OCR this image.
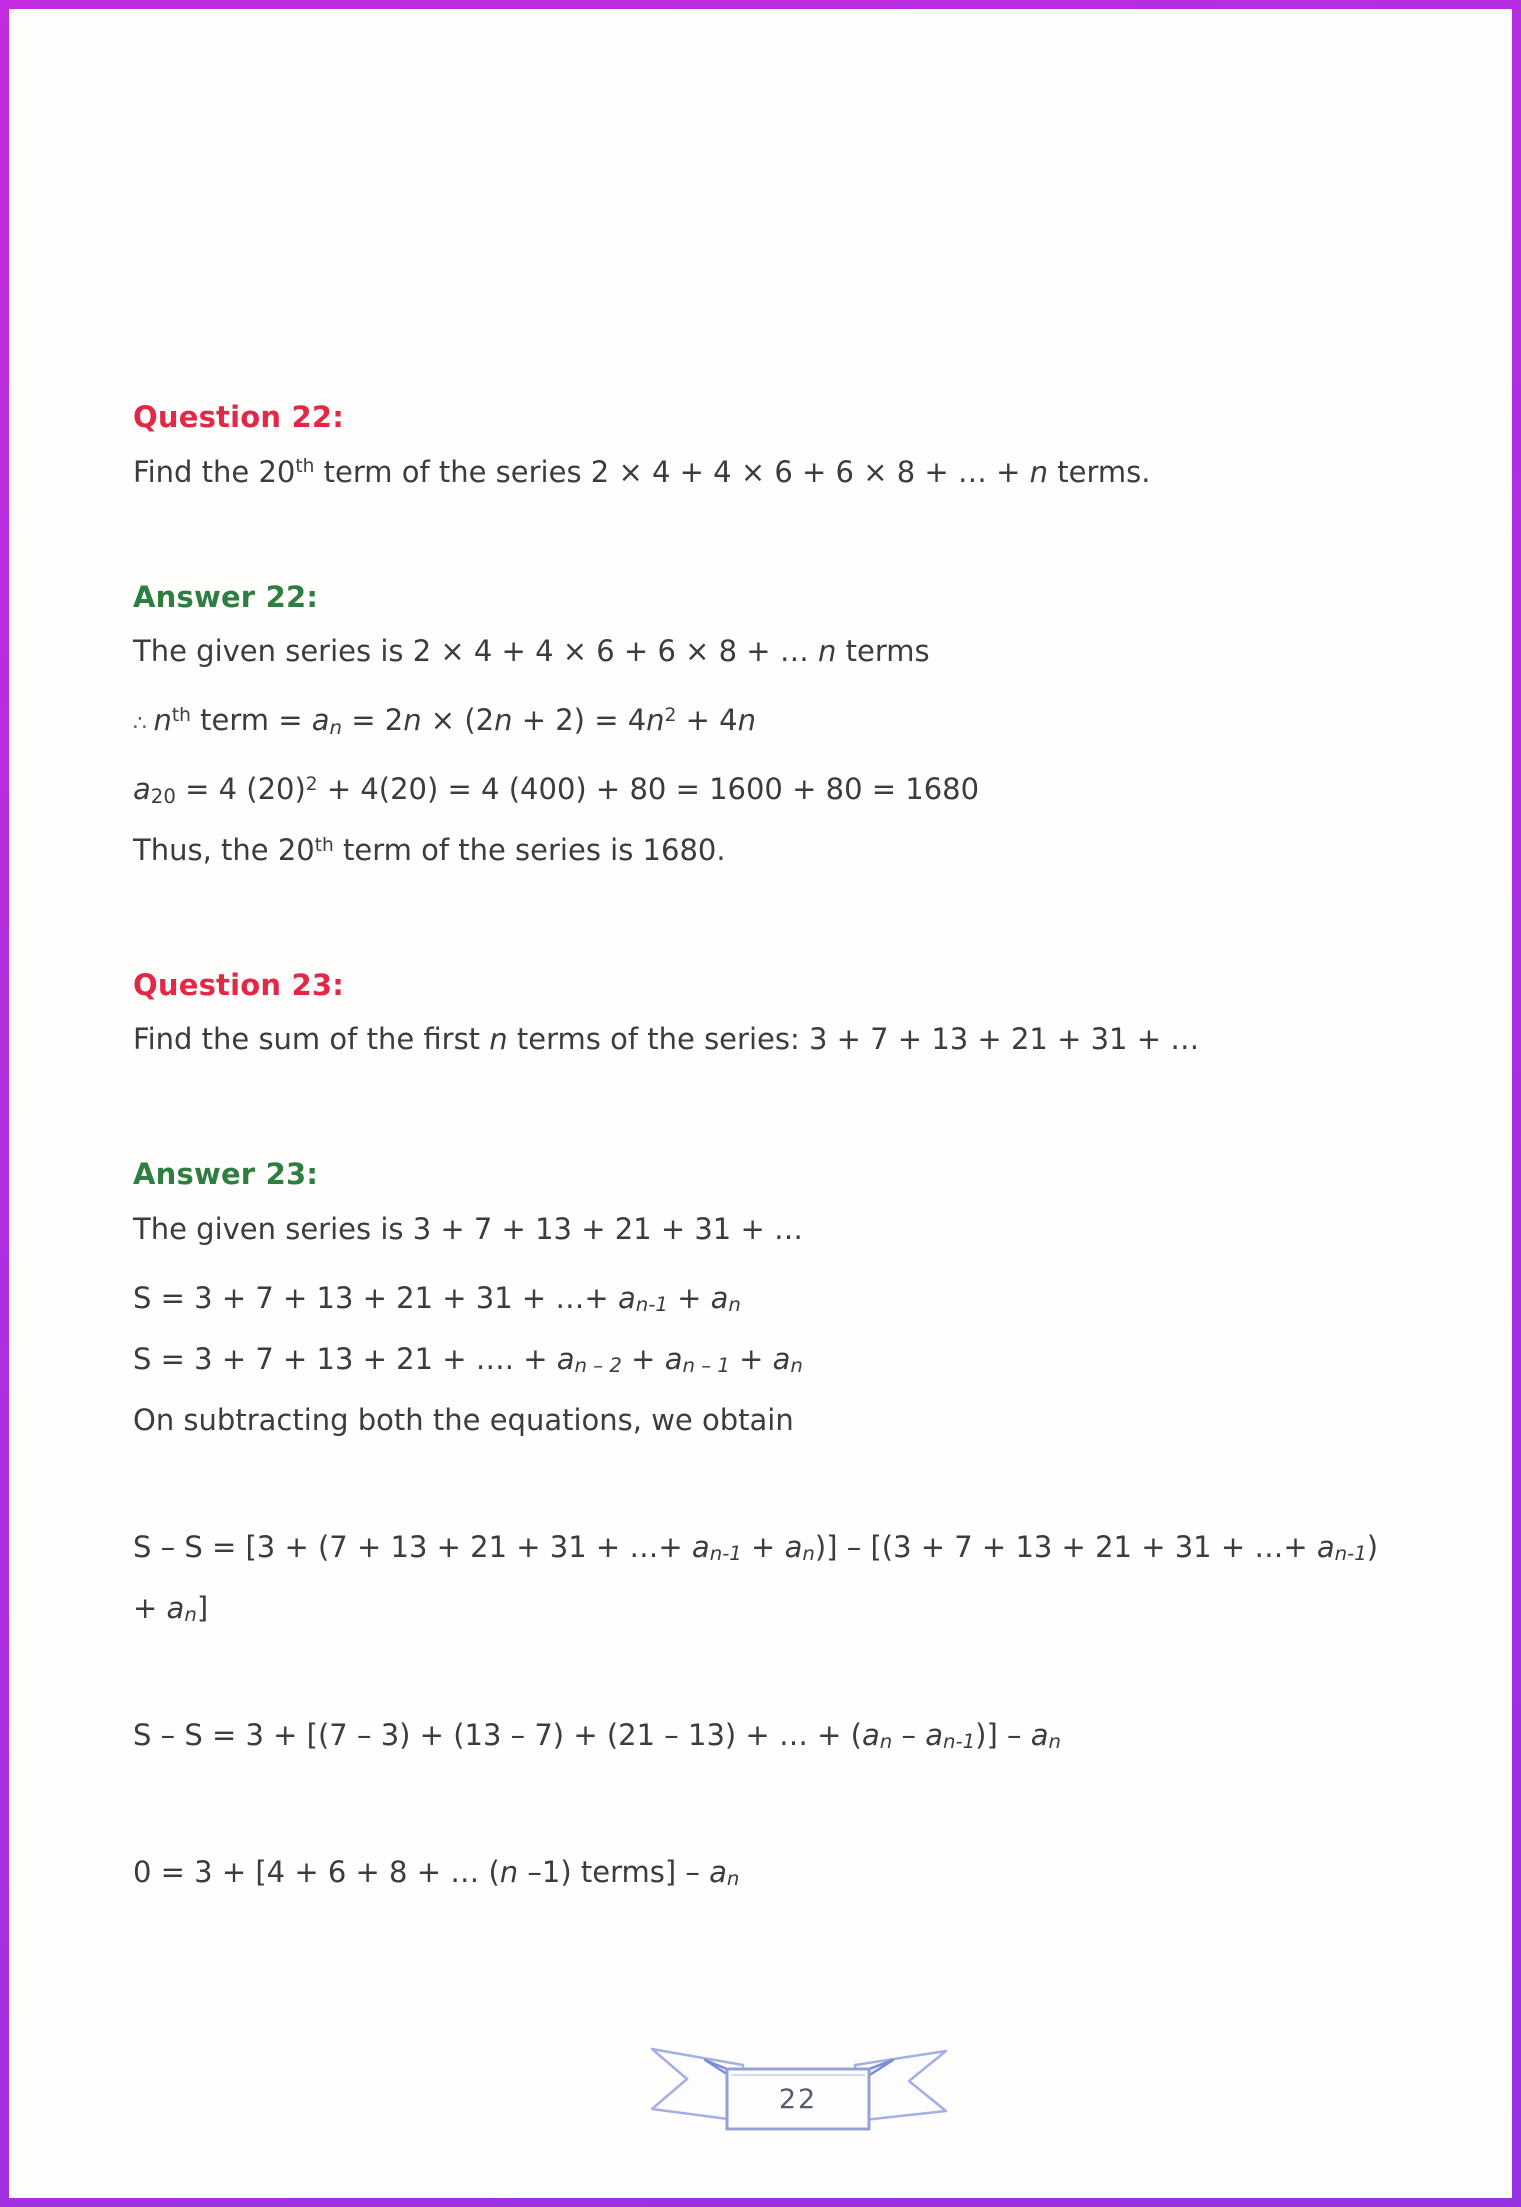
Question 22:

Find the 20th term of the series 2 × 4 + 4 × 6 + 6 × 8 + … + n terms.

Answer 22:

The given series is 2 × 4 + 4 × 6 + 6 × 8 + … n terms

∴ $n^{th}$ term = $a_n = 2n \times (2n + 2) = 4n^2 + 4n$

$a_{20} = 4$ $(20)^2 + 4(20) = 4$ (400) + 80 = 1600 + 80 = 1680

Thus, the 20th term of the series is 1680.

Question 23:

Find the sum of the first n terms of the series: 3 + 7 + 13 + 21 + 31 + …

Answer 23:

The given series is 3 + 7 + 13 + 21 + 31 + …

S = 3 + 7 + 13 + 21 + 31 + …+ $a_{n-1} + a_n$

S = 3 + 7 + 13 + 21 + …. + $a_{n - 2} + a_{n - 1} + a_n$

On subtracting both the equations, we obtain

S – S = [3 + (7 + 13 + 21 + 31 + …+ $a_{n-1} + a_n)] - [(3 + 7 + 13 + 21 + 31$ + …+ $a_{n-1}$)

+ $a_n$]

S – S = 3 + [(7 – 3) + (13 – 7) + (21 – 13) + … + $(a_n - a_{n-1})] - a_n$

0 = 3 + [4 + 6 + 8 + … (n –1) terms] – $a_n$

22
